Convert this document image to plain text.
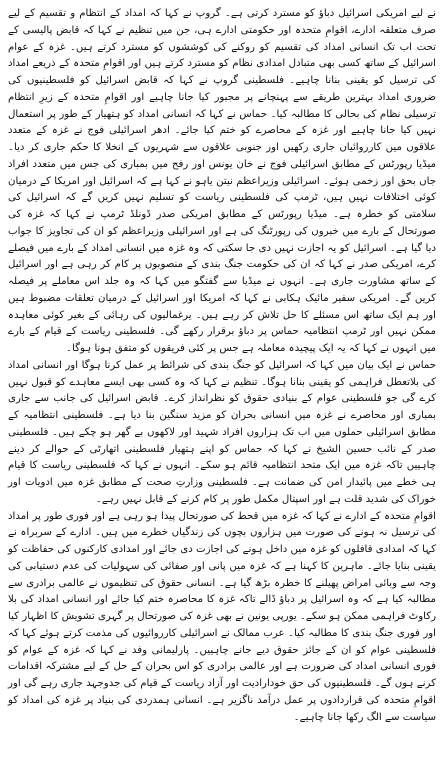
نے لیے امریکی اسرائیل دباؤ کو مسترد کرتی ہے۔ گروپ نے کہا کہ امداد کے انتظام و تقسیم کے لیے صرف متعلقہ ادارے، اقوامِ متحدہ اور حکومتی ادارے ہی، جن میں تنظیم نے کہا کہ قابض پالیسی کے تحت اب تک انسانی امداد کی تقسیم کو روکنے کی کوششوں کو مسترد کرتے ہیں۔ غزہ کے عوام اسرائیل کے ساتھ کسی بھی متبادل امدادی نظام کو مسترد کرتے ہیں اور اقوامِ متحدہ کے ذریعے امداد کی ترسیل کو یقینی بنانا چاہیے۔ فلسطینی گروپ نے کہا کہ قابض اسرائیل کو فلسطینیوں کی ضروری امداد بہترین طریقے سے پہنچانے پر مجبور کیا جانا چاہیے اور اقوامِ متحدہ کے زیرِ انتظام ترسیلی نظام کی بحالی کا مطالبہ کیا۔ حماس نے کہا کہ انسانی امداد کو ہتھیار کے طور پر استعمال نہیں کیا جانا چاہیے اور غزہ کے محاصرے کو ختم کیا جائے۔ ادھر اسرائیلی فوج نے غزہ کے متعدد علاقوں میں کارروائیاں جاری رکھیں اور جنوبی علاقوں سے شہریوں کے انخلا کا حکم جاری کر دیا۔ میڈیا رپورٹس کے مطابق اسرائیلی فوج نے خان یونس اور رفح میں بمباری کی جس میں متعدد افراد جاں بحق اور زخمی ہوئے۔ اسرائیلی وزیراعظم نیتن یاہو نے کہا ہے کہ اسرائیل اور امریکا کے درمیان کوئی اختلافات نہیں ہیں، ٹرمپ کی فلسطینی ریاست کو تسلیم نہیں کریں گے کہ اسرائیل کی سلامتی کو خطرہ ہے۔ میڈیا رپورٹس کے مطابق امریکی صدر ڈونلڈ ٹرمپ نے کہا کہ غزہ کی صورتحال کے بارے میں خبروں کی رپورٹنگ کی ہے اور اسرائیلی وزیراعظم کو ان کی تجاویز کا جواب دیا گیا ہے۔ اسرائیل کو یہ اجازت نہیں دی جا سکتی کہ وہ غزہ میں انسانی امداد کے بارے میں فیصلے کرے، امریکی صدر نے کہا کہ ان کی حکومت جنگ بندی کے منصوبوں پر کام کر رہی ہے اور اسرائیل کے ساتھ مشاورت جاری ہے۔ انہوں نے میڈیا سے گفتگو میں کہا کہ وہ جلد اس معاملے پر فیصلہ کریں گے۔ امریکی سفیر مائیک ہکابی نے کہا کہ امریکا اور اسرائیل کے درمیان تعلقات مضبوط ہیں اور ہم ایک ساتھ اس مسئلے کا حل تلاش کر رہے ہیں۔ یرغمالیوں کی رہائی کے بغیر کوئی معاہدہ ممکن نہیں اور ٹرمپ انتظامیہ حماس پر دباؤ برقرار رکھے گی۔ فلسطینی ریاست کے قیام کے بارے میں انہوں نے کہا کہ یہ ایک پیچیدہ معاملہ ہے جس پر کئی فریقوں کو متفق ہونا ہوگا۔

حماس نے ایک بیان میں کہا کہ اسرائیل کو جنگ بندی کی شرائط پر عمل کرنا ہوگا اور انسانی امداد کی بلاتعطل فراہمی کو یقینی بنانا ہوگا۔ تنظیم نے کہا کہ وہ کسی بھی ایسے معاہدے کو قبول نہیں کرے گی جو فلسطینی عوام کے بنیادی حقوق کو نظرانداز کرے۔ قابض اسرائیل کی جانب سے جاری بمباری اور محاصرے نے غزہ میں انسانی بحران کو مزید سنگین بنا دیا ہے۔ فلسطینی انتظامیہ کے مطابق اسرائیلی حملوں میں اب تک ہزاروں افراد شہید اور لاکھوں بے گھر ہو چکے ہیں۔ فلسطینی صدر کے نائب حسین الشیخ نے کہا کہ حماس کو اپنے ہتھیار فلسطینی اتھارٹی کے حوالے کر دینے چاہییں تاکہ غزہ میں ایک متحد انتظامیہ قائم ہو سکے۔ انہوں نے کہا کہ فلسطینی ریاست کا قیام ہی خطے میں پائیدار امن کی ضمانت ہے۔ فلسطینی وزارتِ صحت کے مطابق غزہ میں ادویات اور خوراک کی شدید قلت ہے اور اسپتال مکمل طور پر کام کرنے کے قابل نہیں رہے۔

اقوامِ متحدہ کے ادارے نے کہا کہ غزہ میں قحط کی صورتحال پیدا ہو رہی ہے اور فوری طور پر امداد کی ترسیل نہ ہونے کی صورت میں ہزاروں بچوں کی زندگیاں خطرے میں ہیں۔ ادارے کے سربراہ نے کہا کہ امدادی قافلوں کو غزہ میں داخل ہونے کی اجازت دی جائے اور امدادی کارکنوں کی حفاظت کو یقینی بنایا جائے۔ ماہرین کا کہنا ہے کہ غزہ میں پانی اور صفائی کی سہولیات کی عدم دستیابی کی وجہ سے وبائی امراض پھیلنے کا خطرہ بڑھ گیا ہے۔ انسانی حقوق کی تنظیموں نے عالمی برادری سے مطالبہ کیا ہے کہ وہ اسرائیل پر دباؤ ڈالے تاکہ غزہ کا محاصرہ ختم کیا جائے اور انسانی امداد کی بلا رکاوٹ فراہمی ممکن ہو سکے۔ یورپی یونین نے بھی غزہ کی صورتحال پر گہری تشویش کا اظہار کیا اور فوری جنگ بندی کا مطالبہ کیا۔ عرب ممالک نے اسرائیلی کارروائیوں کی مذمت کرتے ہوئے کہا کہ فلسطینی عوام کو ان کے جائز حقوق دیے جانے چاہییں۔ پارلیمانی وفد نے کہا کہ غزہ کے عوام کو فوری انسانی امداد کی ضرورت ہے اور عالمی برادری کو اس بحران کے حل کے لیے مشترکہ اقدامات کرنے ہوں گے۔ فلسطینیوں کی حق خودارادیت اور آزاد ریاست کے قیام کی جدوجہد جاری رہے گی اور اقوامِ متحدہ کی قراردادوں پر عمل درآمد ناگزیر ہے۔ انسانی ہمدردی کی بنیاد پر غزہ کی امداد کو سیاست سے الگ رکھا جانا چاہیے۔
